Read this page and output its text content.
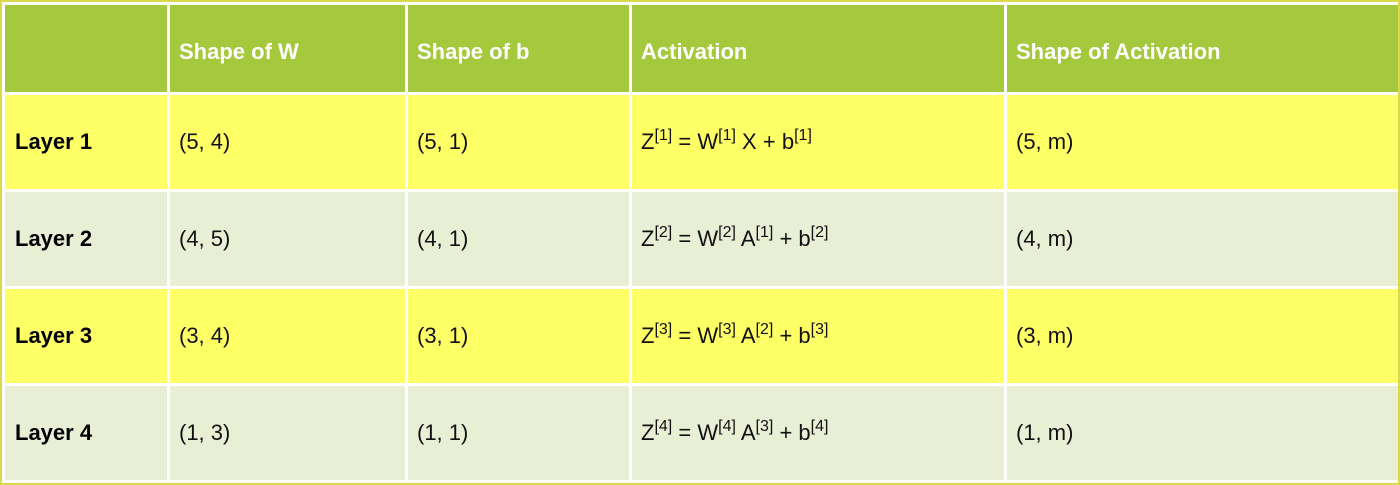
	Shape of W	Shape of b	Activation	Shape of Activation
Layer 1	(5, 4)	(5, 1)	Z[1] = W[1] X + b[1]	(5, m)
Layer 2	(4, 5)	(4, 1)	Z[2] = W[2] A[1] + b[2]	(4, m)
Layer 3	(3, 4)	(3, 1)	Z[3] = W[3] A[2] + b[3]	(3, m)
Layer 4	(1, 3)	(1, 1)	Z[4] = W[4] A[3] + b[4]	(1, m)
